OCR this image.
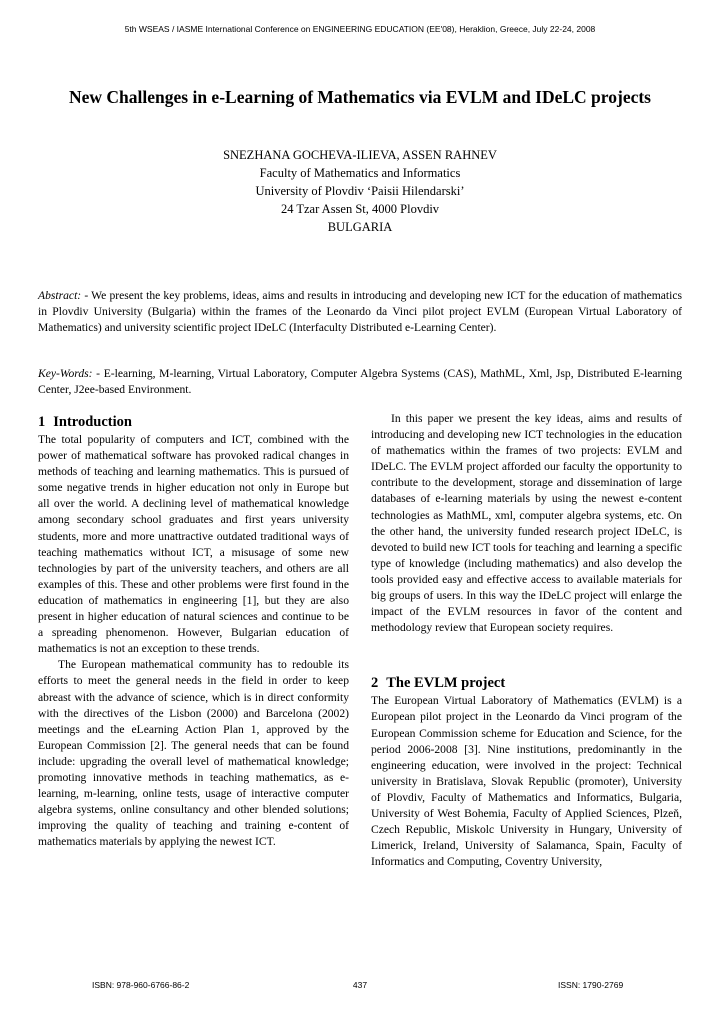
5th WSEAS / IASME International Conference on ENGINEERING EDUCATION (EE'08), Heraklion, Greece, July 22-24, 2008
New Challenges in e-Learning of Mathematics via EVLM and IDeLC projects
SNEZHANA GOCHEVA-ILIEVA, ASSEN RAHNEV
Faculty of Mathematics and Informatics
University of Plovdiv ‘Paisii Hilendarski’
24 Tzar Assen St, 4000 Plovdiv
BULGARIA

Abstract: - We present the key problems, ideas, aims and results in introducing and developing new ICT for the education of mathematics in Plovdiv University (Bulgaria) within the frames of the Leonardo da Vinci pilot project EVLM (European Virtual Laboratory of Mathematics) and university scientific project IDeLC (Interfaculty Distributed e-Learning Center).

Key-Words: - E-learning, M-learning, Virtual Laboratory, Computer Algebra Systems (CAS), MathML, Xml, Jsp, Distributed E-learning Center, J2ee-based Environment.

1 Introduction

The total popularity of computers and ICT, combined with the power of mathematical software has provoked radical changes in methods of teaching and learning mathematics. This is pursued of some negative trends in higher education not only in Europe but all over the world. A declining level of mathematical knowledge among secondary school graduates and first years university students, more and more unattractive outdated traditional ways of teaching mathematics without ICT, a misusage of some new technologies by part of the university teachers, and others are all examples of this. These and other problems were first found in the education of mathematics in engineering [1], but they are also present in higher education of natural sciences and continue to be a spreading phenomenon. However, Bulgarian education of mathematics is not an exception to these trends.

The European mathematical community has to redouble its efforts to meet the general needs in the field in order to keep abreast with the advance of science, which is in direct conformity with the directives of the Lisbon (2000) and Barcelona (2002) meetings and the eLearning Action Plan 1, approved by the European Commission [2]. The general needs that can be found include: upgrading the overall level of mathematical knowledge; promoting innovative methods in teaching mathematics, as e-learning, m-learning, online tests, usage of interactive computer algebra systems, online consultancy and other blended solutions; improving the quality of teaching and training e-content of mathematics materials by applying the newest ICT.

In this paper we present the key ideas, aims and results of introducing and developing new ICT technologies in the education of mathematics within the frames of two projects: EVLM and IDeLC. The EVLM project afforded our faculty the opportunity to contribute to the development, storage and dissemination of large databases of e-learning materials by using the newest e-content technologies as MathML, xml, computer algebra systems, etc. On the other hand, the university funded research project IDeLC, is devoted to build new ICT tools for teaching and learning a specific type of knowledge (including mathematics) and also develop the tools provided easy and effective access to available materials for big groups of users. In this way the IDeLC project will enlarge the impact of the EVLM resources in favor of the content and methodology review that European society requires.

2 The EVLM project

The European Virtual Laboratory of Mathematics (EVLM) is a European pilot project in the Leonardo da Vinci program of the European Commission scheme for Education and Science, for the period 2006-2008 [3]. Nine institutions, predominantly in the engineering education, were involved in the project: Technical university in Bratislava, Slovak Republic (promoter), University of Plovdiv, Faculty of Mathematics and Informatics, Bulgaria, University of West Bohemia, Faculty of Applied Sciences, Plzeň, Czech Republic, Miskolc University in Hungary, University of Limerick, Ireland, University of Salamanca, Spain, Faculty of Informatics and Computing, Coventry University,

ISBN: 978-960-6766-86-2	437	ISSN: 1790-2769
